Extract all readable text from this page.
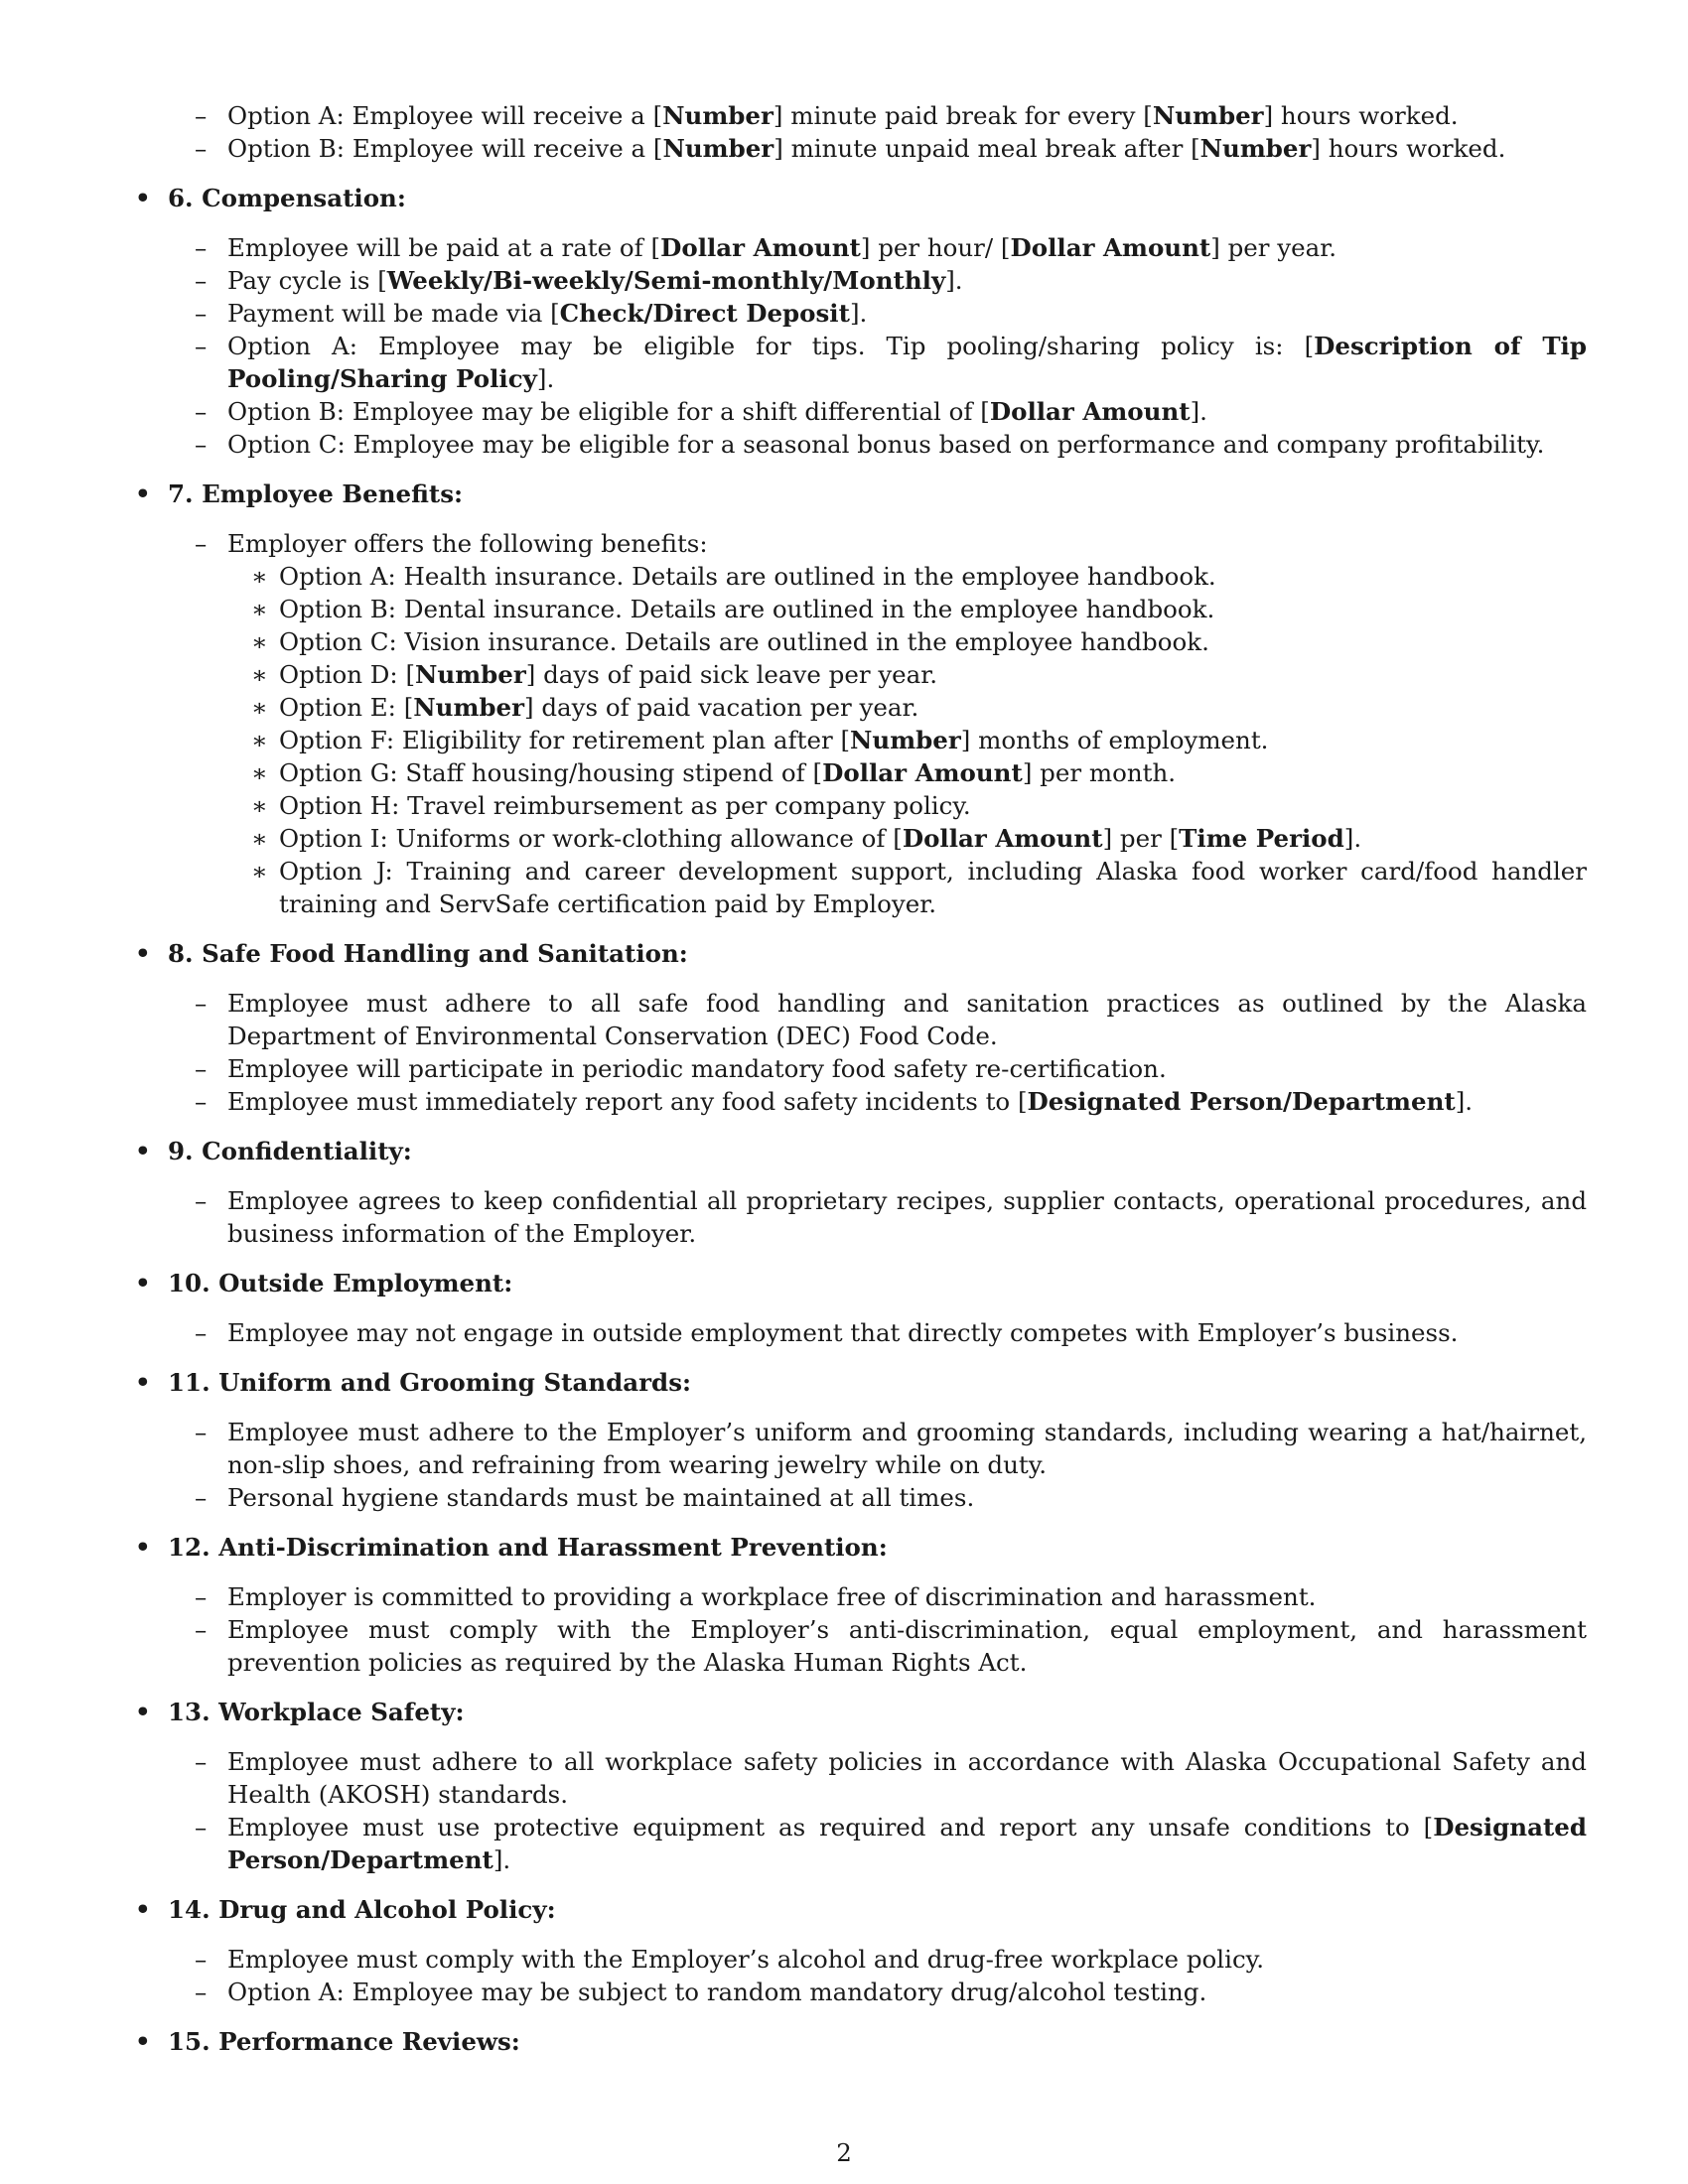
– Option A: Employee will receive a [Number] minute paid break for every [Number] hours worked.
– Option B: Employee will receive a [Number] minute unpaid meal break after [Number] hours worked.
• 6. Compensation:
– Employee will be paid at a rate of [Dollar Amount] per hour/ [Dollar Amount] per year.
– Pay cycle is [Weekly/Bi-weekly/Semi-monthly/Monthly].
– Payment will be made via [Check/Direct Deposit].
– Option A: Employee may be eligible for tips. Tip pooling/sharing policy is: [Description of Tip Pooling/Sharing Policy].
– Option B: Employee may be eligible for a shift differential of [Dollar Amount].
– Option C: Employee may be eligible for a seasonal bonus based on performance and company profitability.
• 7. Employee Benefits:
– Employer offers the following benefits:
∗ Option A: Health insurance. Details are outlined in the employee handbook.
∗ Option B: Dental insurance. Details are outlined in the employee handbook.
∗ Option C: Vision insurance. Details are outlined in the employee handbook.
∗ Option D: [Number] days of paid sick leave per year.
∗ Option E: [Number] days of paid vacation per year.
∗ Option F: Eligibility for retirement plan after [Number] months of employment.
∗ Option G: Staff housing/housing stipend of [Dollar Amount] per month.
∗ Option H: Travel reimbursement as per company policy.
∗ Option I: Uniforms or work-clothing allowance of [Dollar Amount] per [Time Period].
∗ Option J: Training and career development support, including Alaska food worker card/food handler training and ServSafe certification paid by Employer.
• 8. Safe Food Handling and Sanitation:
– Employee must adhere to all safe food handling and sanitation practices as outlined by the Alaska Department of Environmental Conservation (DEC) Food Code.
– Employee will participate in periodic mandatory food safety re-certification.
– Employee must immediately report any food safety incidents to [Designated Person/Department].
• 9. Confidentiality:
– Employee agrees to keep confidential all proprietary recipes, supplier contacts, operational procedures, and business information of the Employer.
• 10. Outside Employment:
– Employee may not engage in outside employment that directly competes with Employer’s business.
• 11. Uniform and Grooming Standards:
– Employee must adhere to the Employer’s uniform and grooming standards, including wearing a hat/hairnet, non-slip shoes, and refraining from wearing jewelry while on duty.
– Personal hygiene standards must be maintained at all times.
• 12. Anti-Discrimination and Harassment Prevention:
– Employer is committed to providing a workplace free of discrimination and harassment.
– Employee must comply with the Employer’s anti-discrimination, equal employment, and harassment prevention policies as required by the Alaska Human Rights Act.
• 13. Workplace Safety:
– Employee must adhere to all workplace safety policies in accordance with Alaska Occupational Safety and Health (AKOSH) standards.
– Employee must use protective equipment as required and report any unsafe conditions to [Designated Person/Department].
• 14. Drug and Alcohol Policy:
– Employee must comply with the Employer’s alcohol and drug-free workplace policy.
– Option A: Employee may be subject to random mandatory drug/alcohol testing.
• 15. Performance Reviews:
2
